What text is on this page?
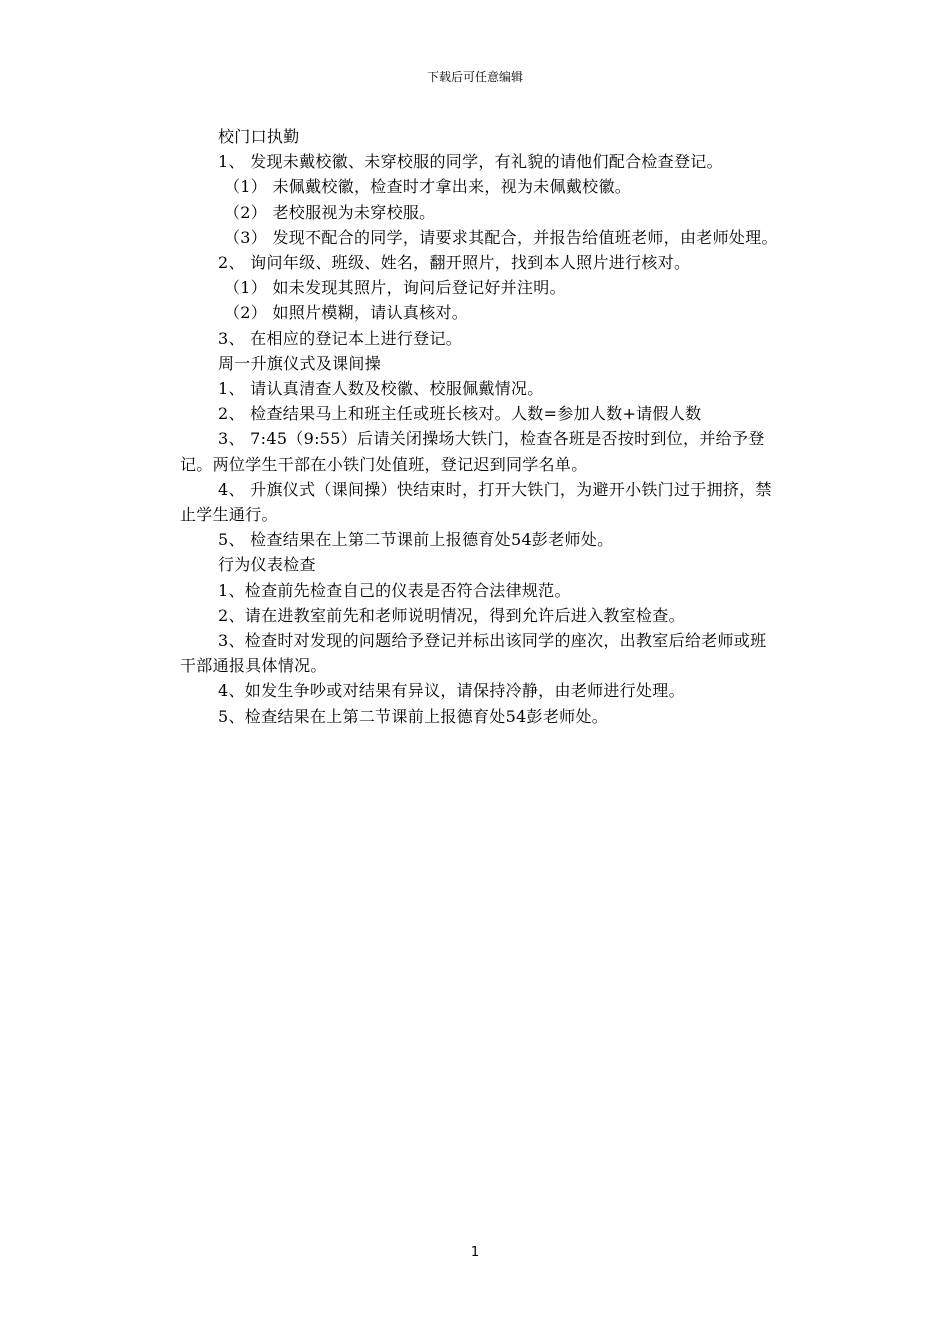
下载后可任意编辑

校门口执勤

1、 发现未戴校徽、未穿校服的同学，有礼貌的请他们配合检查登记。

（1） 未佩戴校徽，检查时才拿出来，视为未佩戴校徽。

（2） 老校服视为未穿校服。

（3） 发现不配合的同学，请要求其配合，并报告给值班老师，由老师处理。

2、 询问年级、班级、姓名，翻开照片，找到本人照片进行核对。

（1） 如未发现其照片，询问后登记好并注明。

（2） 如照片模糊，请认真核对。

3、 在相应的登记本上进行登记。

周一升旗仪式及课间操

1、 请认真清查人数及校徽、校服佩戴情况。

2、 检查结果马上和班主任或班长核对。人数=参加人数+请假人数

3、 7:45（9:55）后请关闭操场大铁门，检查各班是否按时到位，并给予登记。两位学生干部在小铁门处值班，登记迟到同学名单。

4、 升旗仪式（课间操）快结束时，打开大铁门，为避开小铁门过于拥挤，禁止学生通行。

5、 检查结果在上第二节课前上报德育处54彭老师处。

行为仪表检查

1、检查前先检查自己的仪表是否符合法律规范。

2、请在进教室前先和老师说明情况，得到允许后进入教室检查。

3、检查时对发现的问题给予登记并标出该同学的座次，出教室后给老师或班干部通报具体情况。

4、如发生争吵或对结果有异议，请保持冷静，由老师进行处理。

5、检查结果在上第二节课前上报德育处54彭老师处。

1
